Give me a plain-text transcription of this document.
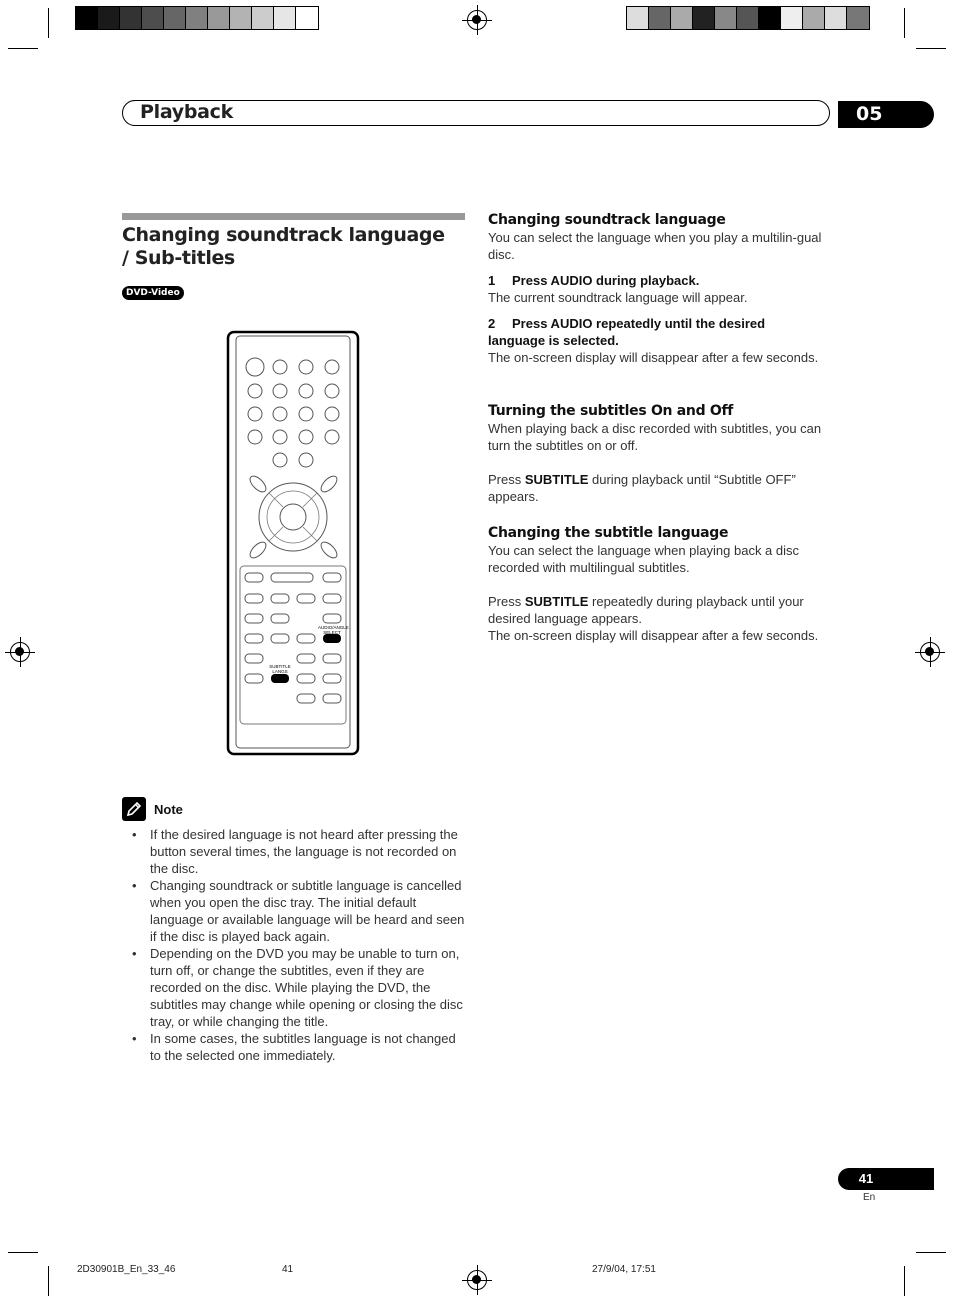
Playback	05
Changing soundtrack language / Sub-titles
DVD-Video
AUDIO/ANGLE SELECT
SUBTITLE LANGS
Note
• If the desired language is not heard after pressing the button several times, the language is not recorded on the disc.
• Changing soundtrack or subtitle language is cancelled when you open the disc tray. The initial default language or available language will be heard and seen if the disc is played back again.
• Depending on the DVD you may be unable to turn on, turn off, or change the subtitles, even if they are recorded on the disc. While playing the DVD, the subtitles may change while opening or closing the disc tray, or while changing the title.
• In some cases, the subtitles language is not changed to the selected one immediately.
Changing soundtrack language
You can select the language when you play a multilin-gual disc.
1 Press AUDIO during playback.
The current soundtrack language will appear.
2 Press AUDIO repeatedly until the desired language is selected.
The on-screen display will disappear after a few seconds.
Turning the subtitles On and Off
When playing back a disc recorded with subtitles, you can turn the subtitles on or off.
Press SUBTITLE during playback until “Subtitle OFF” appears.
Changing the subtitle language
You can select the language when playing back a disc recorded with multilingual subtitles.
Press SUBTITLE repeatedly during playback until your desired language appears.
The on-screen display will disappear after a few seconds.
41
En
2D30901B_En_33_46	41	27/9/04, 17:51
